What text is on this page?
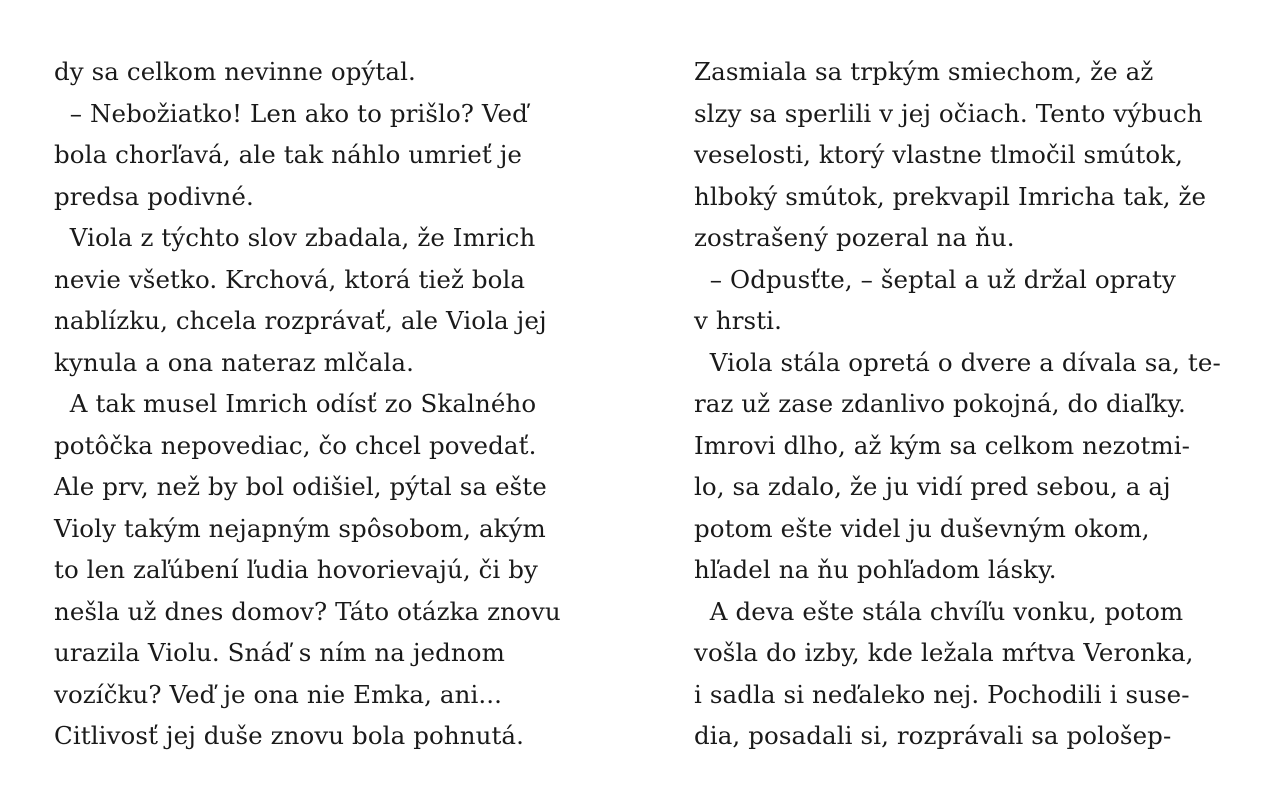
dy sa celkom nevinne opýtal.
– Nebožiatko! Len ako to prišlo? Veď
bola chorľavá, ale tak náhlo umrieť je
predsa podivné.
Viola z týchto slov zbadala, že Imrich
nevie všetko. Krchová, ktorá tiež bola
nablízku, chcela rozprávať, ale Viola jej
kynula a ona nateraz mlčala.
A tak musel Imrich odísť zo Skalného
potôčka nepovediac, čo chcel povedať.
Ale prv, než by bol odišiel, pýtal sa ešte
Violy takým nejapným spôsobom, akým
to len zaľúbení ľudia hovorievajú, či by
nešla už dnes domov? Táto otázka znovu
urazila Violu. Snáď s ním na jednom
vozíčku? Veď je ona nie Emka, ani...
Citlivosť jej duše znovu bola pohnutá.
Zasmiala sa trpkým smiechom, že až
slzy sa sperlili v jej očiach. Tento výbuch
veselosti, ktorý vlastne tlmočil smútok,
hlboký smútok, prekvapil Imricha tak, že
zostrašený pozeral na ňu.
– Odpusťte, – šeptal a už držal opraty
v hrsti.
Viola stála opretá o dvere a dívala sa, te-
raz už zase zdanlivo pokojná, do diaľky.
Imrovi dlho, až kým sa celkom nezotmi-
lo, sa zdalo, že ju vidí pred sebou, a aj
potom ešte videl ju duševným okom,
hľadel na ňu pohľadom lásky.
A deva ešte stála chvíľu vonku, potom
vošla do izby, kde ležala mŕtva Veronka,
i sadla si neďaleko nej. Pochodili i suse-
dia, posadali si, rozprávali sa pološep-
